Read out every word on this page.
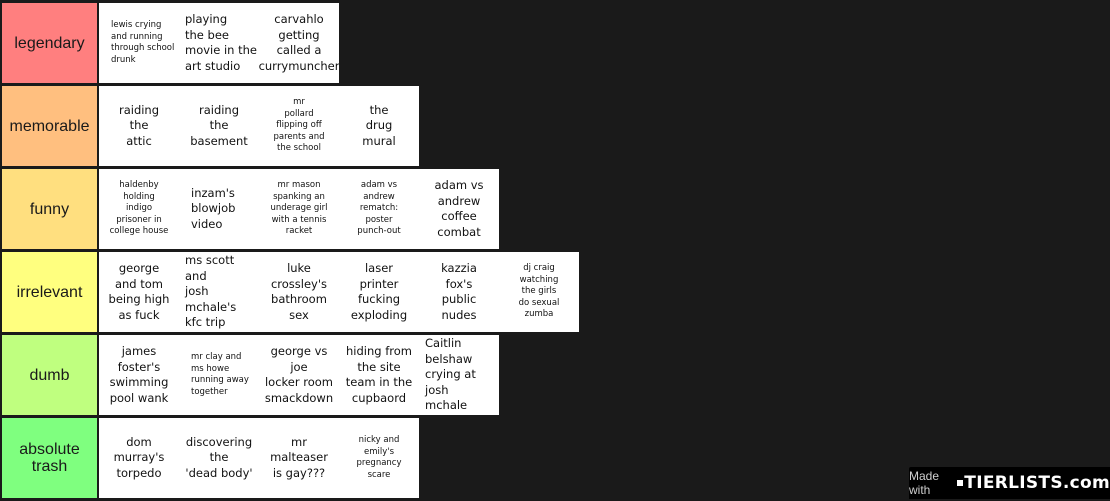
legendary
lewis crying
and running
through school
drunk
playing
the bee
movie in the
art studio
carvahlo
getting
called a
currymuncher
memorable
raiding
the
attic
raiding
the
basement
mr
pollard
flipping off
parents and
the school
the
drug
mural
funny
haldenby
holding
indigo
prisoner in
college house
inzam's
blowjob
video
mr mason
spanking an
underage girl
with a tennis
racket
adam vs
andrew
rematch:
poster
punch-out
adam vs
andrew
coffee
combat
irrelevant
george
and tom
being high
as fuck
ms scott and
josh mchale's
kfc trip
luke
crossley's
bathroom
sex
laser
printer
fucking
exploding
kazzia
fox's
public
nudes
dj craig
watching
the girls
do sexual
zumba
dumb
james
foster's
swimming
pool wank
mr clay and
ms howe
running away
together
george vs
joe
locker room
smackdown
hiding from
the site
team in the
cupbaord
Caitlin
belshaw
crying at josh
mchale
absolute
trash
dom
murray's
torpedo
discovering
the
'dead body'
mr
malteaser
is gay???
nicky and
emily's
pregnancy
scare	Made with	TIERLISTS.com
